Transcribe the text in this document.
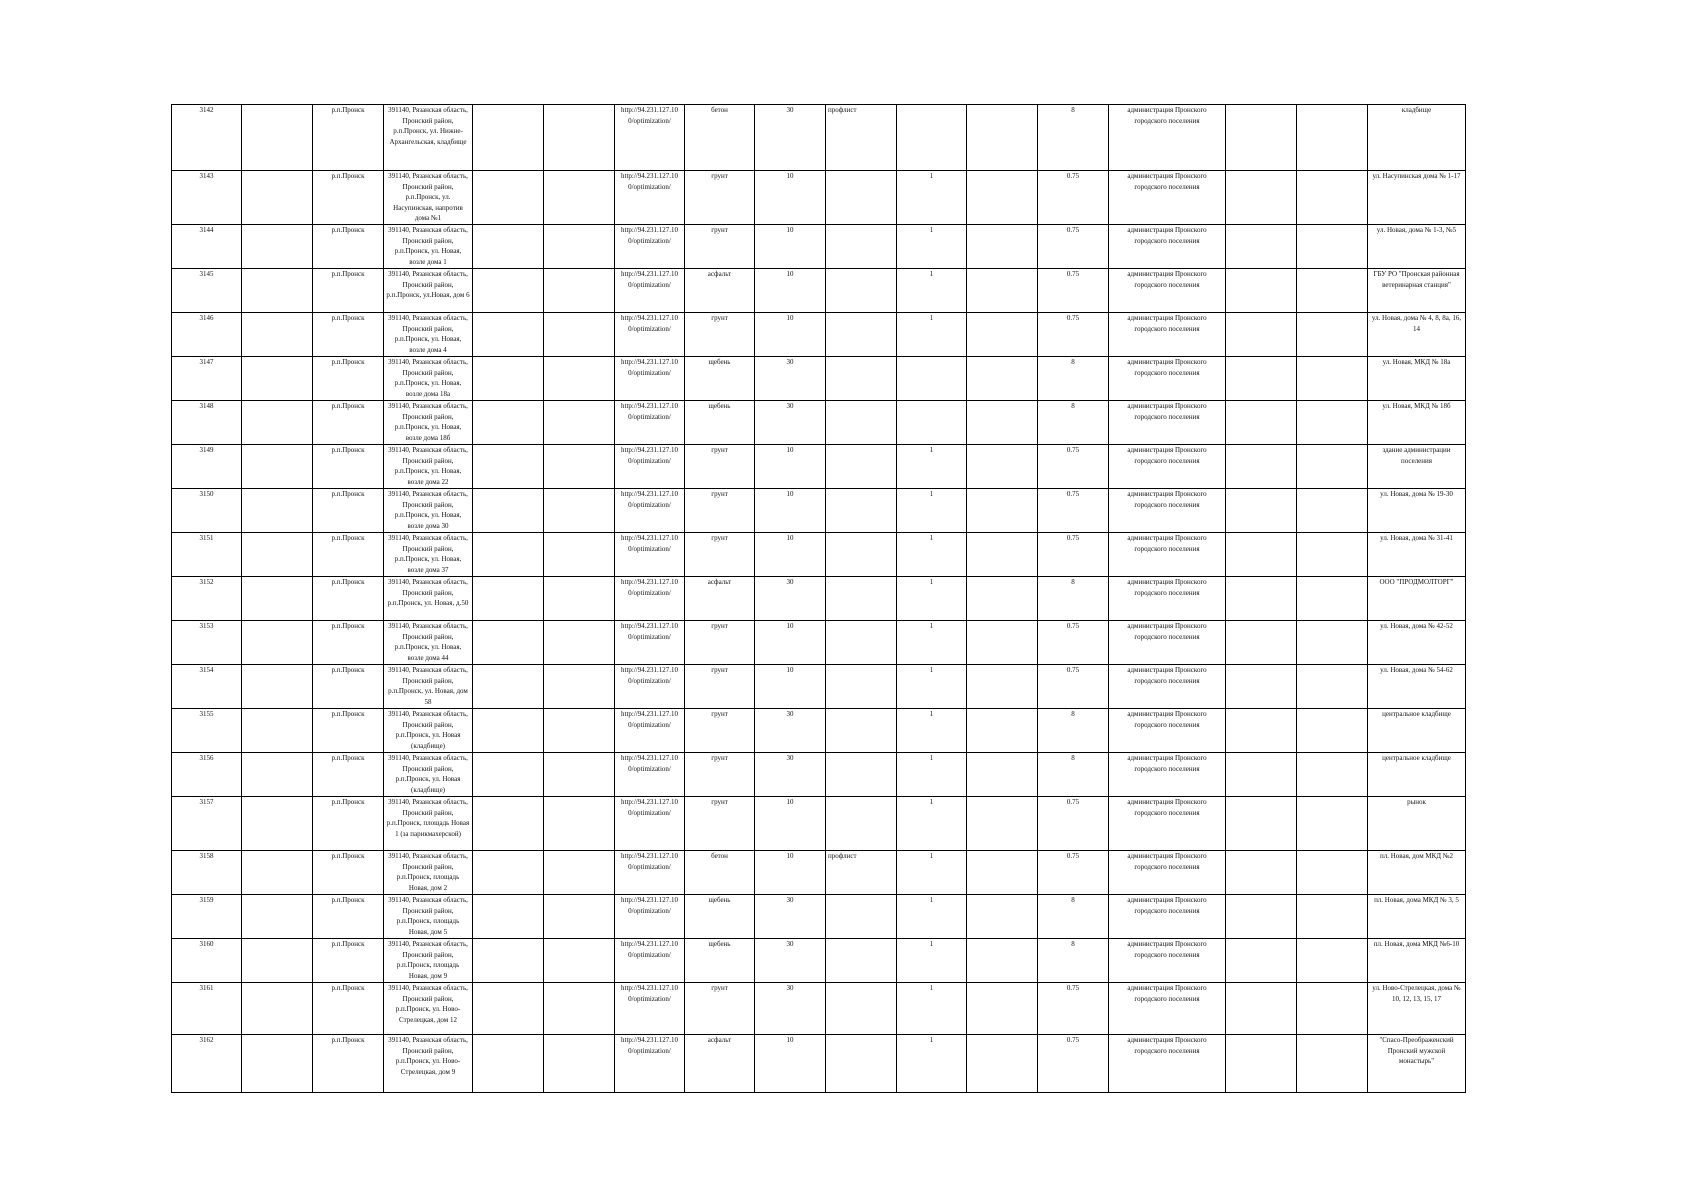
3142		р.п.Пронск	391140, Рязанская область, Пронский район, р.п.Пронск, ул. Нижне-Архангельская, кладбище			http://94.231.127.10 0/optimization/	бетон	30	профлист			8	администрация Пронского городского поселения			кладбище
3143		р.п.Пронск	391140, Рязанская область, Пронский район, р.п.Пронск, ул. Насупинская, напротив дома №1			http://94.231.127.10 0/optimization/	грунт	10		1		0.75	администрация Пронского городского поселения			ул. Насупинская дома № 1-17
3144		р.п.Пронск	391140, Рязанская область, Пронский район, р.п.Пронск, ул. Новая, возле дома 1			http://94.231.127.10 0/optimization/	грунт	10		1		0.75	администрация Пронского городского поселения			ул. Новая, дома № 1-3, №5
3145		р.п.Пронск	391140, Рязанская область, Пронский район, р.п.Пронск, ул.Новая, дом 6			http://94.231.127.10 0/optimization/	асфальт	10		1		0.75	администрация Пронского городского поселения			ГБУ РО "Пронская районная ветеринарная станция"
3146		р.п.Пронск	391140, Рязанская область, Пронский район, р.п.Пронск, ул. Новая, возле дома 4			http://94.231.127.10 0/optimization/	грунт	10		1		0.75	администрация Пронского городского поселения			ул. Новая, дома № 4, 8, 8а, 16, 14
3147		р.п.Пронск	391140, Рязанская область, Пронский район, р.п.Пронск, ул. Новая, возле дома 18а			http://94.231.127.10 0/optimization/	щебень	30				8	администрация Пронского городского поселения			ул. Новая, МКД № 18а
3148		р.п.Пронск	391140, Рязанская область, Пронский район, р.п.Пронск, ул. Новая, возле дома 18б			http://94.231.127.10 0/optimization/	щебень	30				8	администрация Пронского городского поселения			ул. Новая, МКД № 18б
3149		р.п.Пронск	391140, Рязанская область, Пронский район, р.п.Пронск, ул. Новая, возле дома 22			http://94.231.127.10 0/optimization/	грунт	10		1		0.75	администрация Пронского городского поселения			здание администрации поселения
3150		р.п.Пронск	391140, Рязанская область, Пронский район, р.п.Пронск, ул. Новая, возле дома 30			http://94.231.127.10 0/optimization/	грунт	10		1		0.75	администрация Пронского городского поселения			ул. Новая, дома № 19-30
3151		р.п.Пронск	391140, Рязанская область, Пронский район, р.п.Пронск, ул. Новая, возле дома 37			http://94.231.127.10 0/optimization/	грунт	10		1		0.75	администрация Пронского городского поселения			ул. Новая, дома № 31-41
3152		р.п.Пронск	391140, Рязанская область, Пронский район, р.п.Пронск, ул. Новая, д.50			http://94.231.127.10 0/optimization/	асфальт	30		1		8	администрация Пронского городского поселения			ООО "ПРОДМОЛТОРГ"
3153		р.п.Пронск	391140, Рязанская область, Пронский район, р.п.Пронск, ул. Новая, возле дома 44			http://94.231.127.10 0/optimization/	грунт	10		1		0.75	администрация Пронского городского поселения			ул. Новая, дома № 42-52
3154		р.п.Пронск	391140, Рязанская область, Пронский район, р.п.Пронск, ул. Новая, дом 58			http://94.231.127.10 0/optimization/	грунт	10		1		0.75	администрация Пронского городского поселения			ул. Новая, дома № 54-62
3155		р.п.Пронск	391140, Рязанская область, Пронский район, р.п.Пронск, ул. Новая (кладбище)			http://94.231.127.10 0/optimization/	грунт	30		1		8	администрация Пронского городского поселения			центральное кладбище
3156		р.п.Пронск	391140, Рязанская область, Пронский район, р.п.Пронск, ул. Новая (кладбище)			http://94.231.127.10 0/optimization/	грунт	30		1		8	администрация Пронского городского поселения			центральное кладбище
3157		р.п.Пронск	391140, Рязанская область, Пронский район, р.п.Пронск, площадь Новая 1 (за парикмахерской)			http://94.231.127.10 0/optimization/	грунт	10		1		0.75	администрация Пронского городского поселения			рынок
3158		р.п.Пронск	391140, Рязанская область, Пронский район, р.п.Пронск, площадь Новая, дом 2			http://94.231.127.10 0/optimization/	бетон	10	профлист	1		0.75	администрация Пронского городского поселения			пл. Новая, дом МКД №2
3159		р.п.Пронск	391140, Рязанская область, Пронский район, р.п.Пронск, площадь Новая, дом 5			http://94.231.127.10 0/optimization/	щебень	30		1		8	администрация Пронского городского поселения			пл. Новая, дома МКД № 3, 5
3160		р.п.Пронск	391140, Рязанская область, Пронский район, р.п.Пронск, площадь Новая, дом 9			http://94.231.127.10 0/optimization/	щебень	30		1		8	администрация Пронского городского поселения			пл. Новая, дома МКД №6-10
3161		р.п.Пронск	391140, Рязанская область, Пронский район, р.п.Пронск, ул. Ново-Стрелецкая, дом 12			http://94.231.127.10 0/optimization/	грунт	30		1		0.75	администрация Пронского городского поселения			ул. Ново-Стрелецкая, дома № 10, 12, 13, 15, 17
3162		р.п.Пронск	391140, Рязанская область, Пронский район, р.п.Пронск, ул. Ново-Стрелецкая, дом 9			http://94.231.127.10 0/optimization/	асфальт	10		1		0.75	администрация Пронского городского поселения			"Спасо-Преображенский Пронский мужской монастырь"
